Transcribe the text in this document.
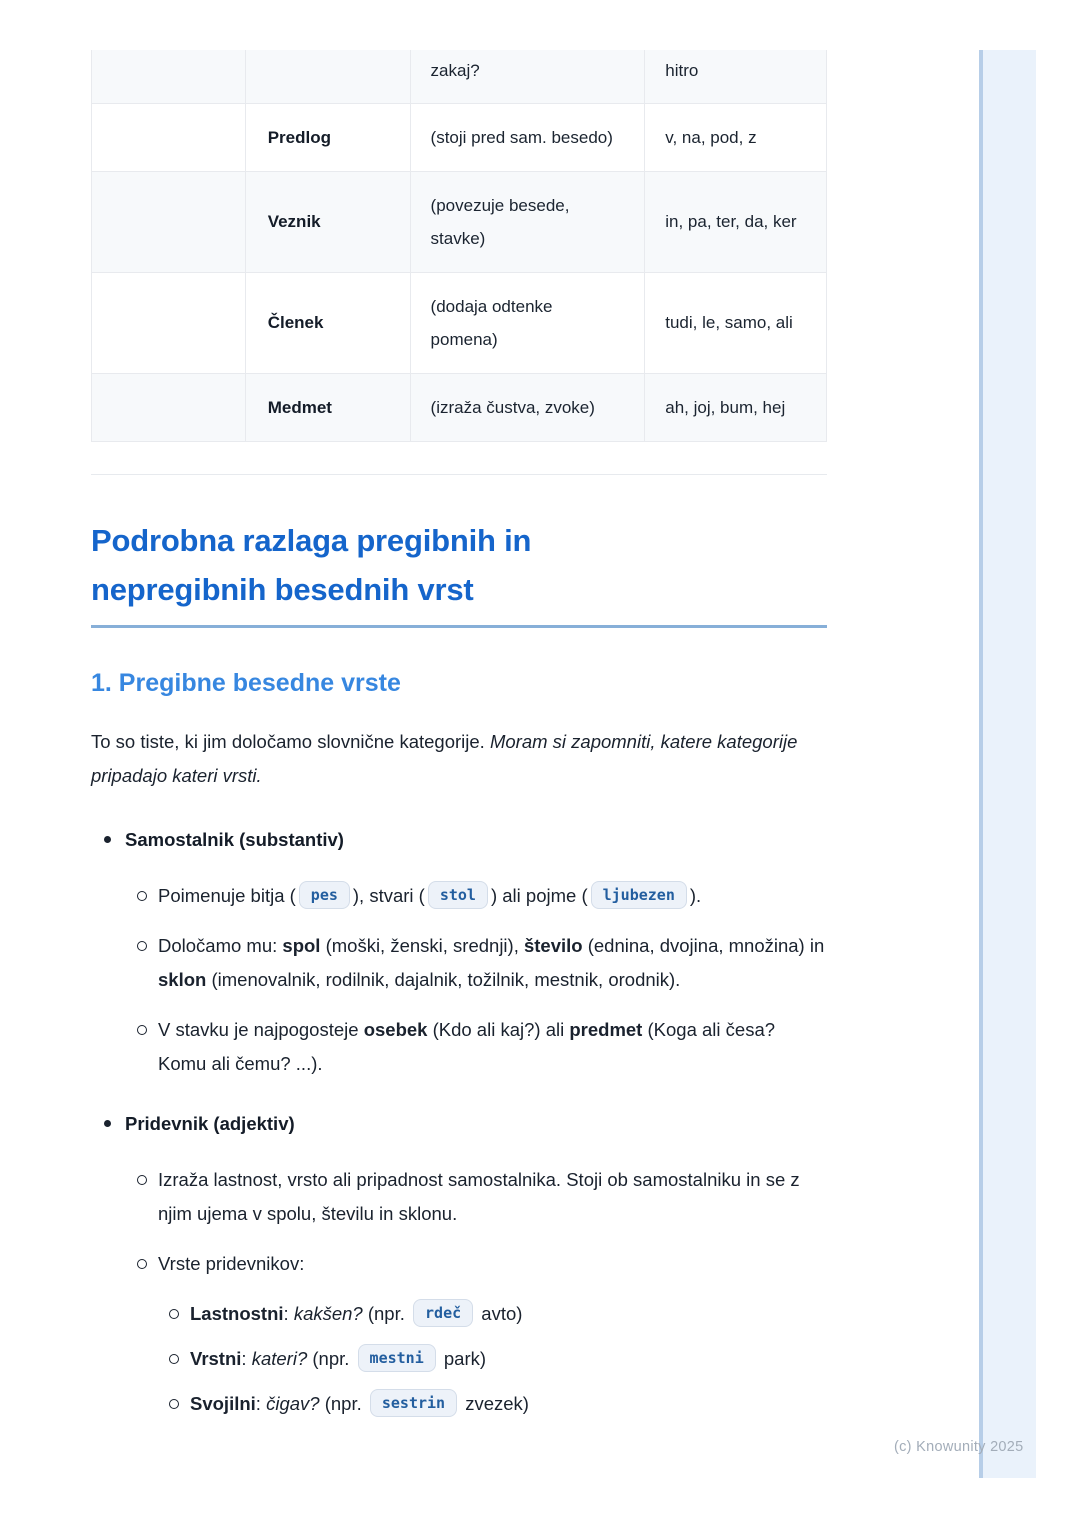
		zakaj?	hitro
	Predlog	(stoji pred sam. besedo)	v, na, pod, z
	Veznik	(povezuje besede, stavke)	in, pa, ter, da, ker
	Členek	(dodaja odtenke pomena)	tudi, le, samo, ali
	Medmet	(izraža čustva, zvoke)	ah, joj, bum, hej
Podrobna razlaga pregibnih in
nepregibnih besednih vrst
1. Pregibne besedne vrste

To so tiste, ki jim določamo slovnične kategorije. Moram si zapomniti, katere kategorije pripadajo kateri vrsti.

Samostalnik (substantiv)
Poimenuje bitja ( pes ), stvari ( stol ) ali pojme ( ljubezen ).
Določamo mu: spol (moški, ženski, srednji), število (ednina, dvojina, množina) in sklon (imenovalnik, rodilnik, dajalnik, tožilnik, mestnik, orodnik).
V stavku je najpogosteje osebek (Kdo ali kaj?) ali predmet (Koga ali česa? Komu ali čemu? ...).
Pridevnik (adjektiv)
Izraža lastnost, vrsto ali pripadnost samostalnika. Stoji ob samostalniku in se z njim ujema v spolu, številu in sklonu.
Vrste pridevnikov:
Lastnostni: kakšen? (npr. rdeč avto)
Vrstni: kateri? (npr. mestni park)
Svojilni: čigav? (npr. sestrin zvezek)
(c) Knowunity 2025
